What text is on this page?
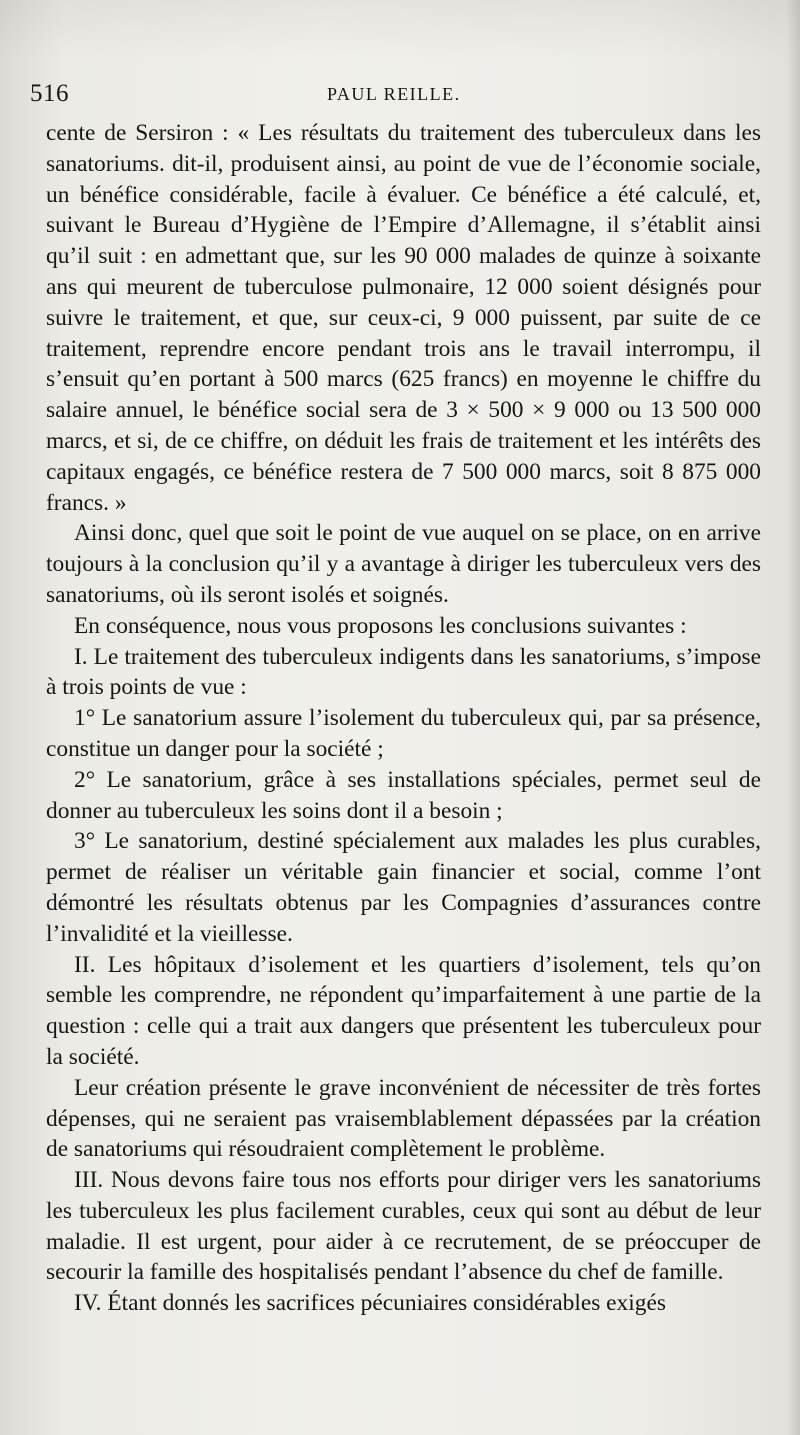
516	PAUL REILLE.

cente de Sersiron : « Les résultats du traitement des tuberculeux dans les sanatoriums. dit-il, produisent ainsi, au point de vue de l’économie sociale, un bénéfice considérable, facile à évaluer. Ce bénéfice a été calculé, et, suivant le Bureau d’Hygiène de l’Empire d’Allemagne, il s’établit ainsi qu’il suit : en admettant que, sur les 90 000 malades de quinze à soixante ans qui meurent de tuberculose pulmonaire, 12 000 soient désignés pour suivre le traitement, et que, sur ceux-ci, 9 000 puissent, par suite de ce traitement, reprendre encore pendant trois ans le travail interrompu, il s’ensuit qu’en portant à 500 marcs (625 francs) en moyenne le chiffre du salaire annuel, le bénéfice social sera de 3 × 500 × 9 000 ou 13 500 000 marcs, et si, de ce chiffre, on déduit les frais de traitement et les intérêts des capitaux engagés, ce bénéfice restera de 7 500 000 marcs, soit 8 875 000 francs. »

Ainsi donc, quel que soit le point de vue auquel on se place, on en arrive toujours à la conclusion qu’il y a avantage à diriger les tuberculeux vers des sanatoriums, où ils seront isolés et soignés.

En conséquence, nous vous proposons les conclusions suivantes :

I. Le traitement des tuberculeux indigents dans les sanatoriums, s’impose à trois points de vue :

1° Le sanatorium assure l’isolement du tuberculeux qui, par sa présence, constitue un danger pour la société ;

2° Le sanatorium, grâce à ses installations spéciales, permet seul de donner au tuberculeux les soins dont il a besoin ;

3° Le sanatorium, destiné spécialement aux malades les plus curables, permet de réaliser un véritable gain financier et social, comme l’ont démontré les résultats obtenus par les Compagnies d’assurances contre l’invalidité et la vieillesse.

II. Les hôpitaux d’isolement et les quartiers d’isolement, tels qu’on semble les comprendre, ne répondent qu’imparfaitement à une partie de la question : celle qui a trait aux dangers que présentent les tuberculeux pour la société.

Leur création présente le grave inconvénient de nécessiter de très fortes dépenses, qui ne seraient pas vraisemblablement dépassées par la création de sanatoriums qui résoudraient complètement le problème.

III. Nous devons faire tous nos efforts pour diriger vers les sanatoriums les tuberculeux les plus facilement curables, ceux qui sont au début de leur maladie. Il est urgent, pour aider à ce recrutement, de se préoccuper de secourir la famille des hospitalisés pendant l’absence du chef de famille.

IV. Étant donnés les sacrifices pécuniaires considérables exigés
